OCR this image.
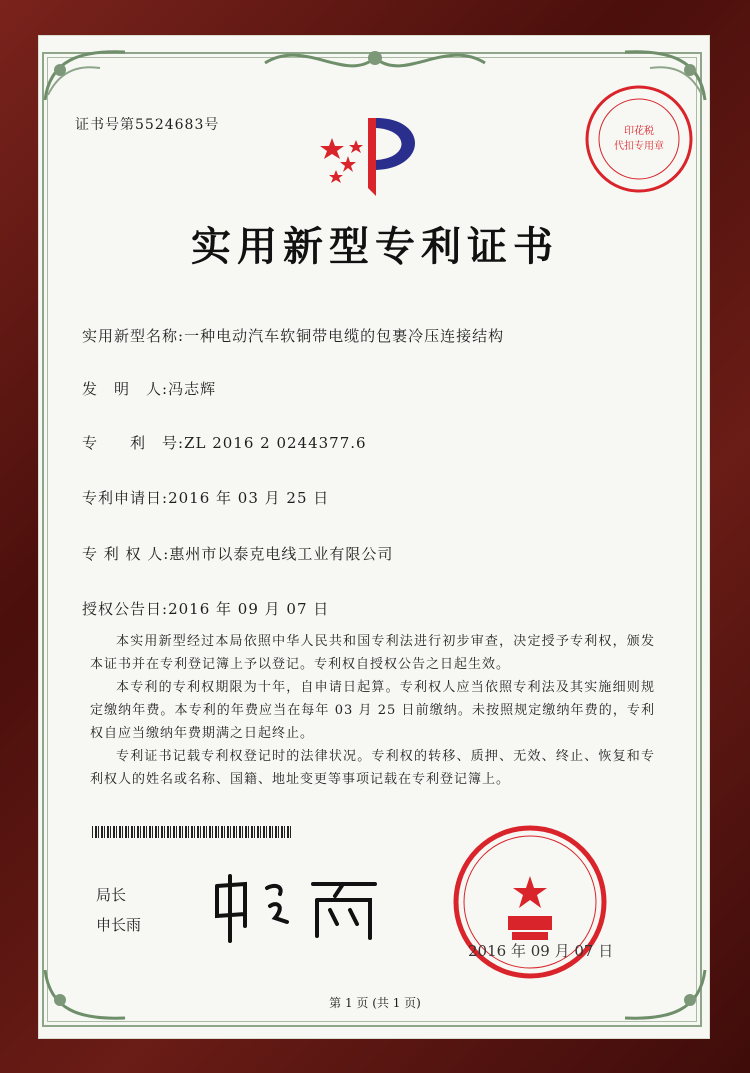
证书号第5524683号	印花税
代扣专用章
实用新型专利证书
实用新型名称:一种电动汽车软铜带电缆的包裹冷压连接结构
发　明　人:冯志辉
专　　利　号:ZL 2016 2 0244377.6
专利申请日:2016 年 03 月 25 日
专 利 权 人:惠州市以泰克电线工业有限公司
授权公告日:2016 年 09 月 07 日
本实用新型经过本局依照中华人民共和国专利法进行初步审查，决定授予专利权，颁发本证书并在专利登记簿上予以登记。专利权自授权公告之日起生效。
本专利的专利权期限为十年，自申请日起算。专利权人应当依照专利法及其实施细则规定缴纳年费。本专利的年费应当在每年 03 月 25 日前缴纳。未按照规定缴纳年费的，专利权自应当缴纳年费期满之日起终止。
专利证书记载专利权登记时的法律状况。专利权的转移、质押、无效、终止、恢复和专利权人的姓名或名称、国籍、地址变更等事项记载在专利登记簿上。
局长
申长雨
2016 年 09 月 07 日
第 1 页 (共 1 页)
